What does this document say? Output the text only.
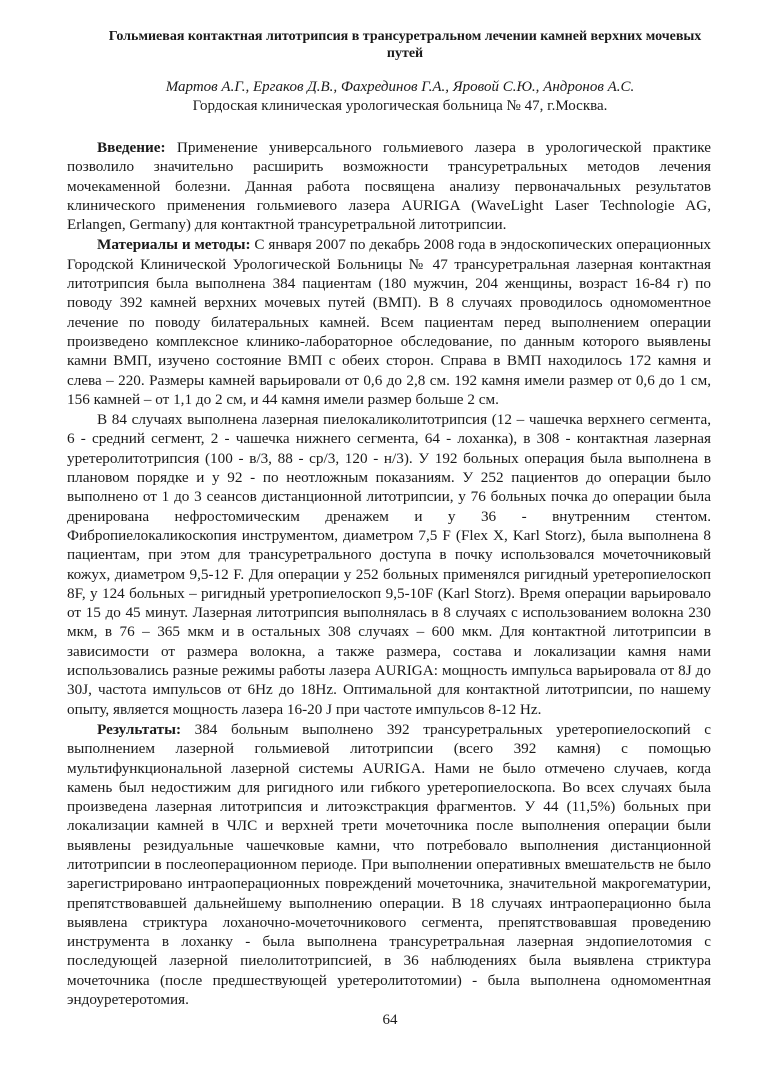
Гольмиевая контактная литотрипсия в трансуретральном лечении камней верхних мочевых путей
Мартов А.Г., Ергаков Д.В., Фахрединов Г.А., Яровой С.Ю., Андронов А.С.
Гордоская клиническая урологическая больница № 47, г.Москва.

Введение: Применение универсального гольмиевого лазера в урологической практике позволило значительно расширить возможности трансуретральных методов лечения мочекаменной болезни. Данная работа посвящена анализу первоначальных результатов клинического применения гольмиевого лазера AURIGA (WaveLight Laser Technologie AG, Erlangen, Germany) для контактной трансуретральной литотрипсии.

Материалы и методы: С января 2007 по декабрь 2008 года в эндоскопических операционных Городской Клинической Урологической Больницы № 47 трансуретральная лазерная контактная литотрипсия была выполнена 384 пациентам (180 мужчин, 204 женщины, возраст 16-84 г) по поводу 392 камней верхних мочевых путей (ВМП). В 8 случаях проводилось одномоментное лечение по поводу билатеральных камней. Всем пациентам перед выполнением операции произведено комплексное клинико-лабораторное обследование, по данным которого выявлены камни ВМП, изучено состояние ВМП с обеих сторон. Справа в ВМП находилось 172 камня и слева – 220. Размеры камней варьировали от 0,6 до 2,8 см. 192 камня имели размер от 0,6 до 1 см, 156 камней – от 1,1 до 2 см, и 44 камня имели размер больше 2 см.

В 84 случаях выполнена лазерная пиелокаликолитотрипсия (12 – чашечка верхнего сегмента, 6 - средний сегмент, 2 - чашечка нижнего сегмента, 64 - лоханка), в 308 - контактная лазерная уретеролитотрипсия (100 - в/3, 88 - ср/3, 120 - н/3). У 192 больных операция была выполнена в плановом порядке и у 92 - по неотложным показаниям. У 252 пациентов до операции было выполнено от 1 до 3 сеансов дистанционной литотрипсии, у 76 больных почка до операции была дренирована нефростомическим дренажем и у 36 - внутренним стентом. Фибропиелокаликоскопия инструментом, диаметром 7,5 F (Flex X, Karl Storz), была выполнена 8 пациентам, при этом для трансуретрального доступа в почку использовался мочеточниковый кожух, диаметром 9,5-12 F. Для операции у 252 больных применялся ригидный уретеропиелоскоп 8F, у 124 больных – ригидный уретропиелоскоп 9,5-10F (Karl Storz). Время операции варьировало от 15 до 45 минут. Лазерная литотрипсия выполнялась в 8 случаях с использованием волокна 230 мкм, в 76 – 365 мкм и в остальных 308 случаях – 600 мкм. Для контактной литотрипсии в зависимости от размера волокна, а также размера, состава и локализации камня нами использовались разные режимы работы лазера AURIGA: мощность импульса варьировала от 8J до 30J, частота импульсов от 6Hz до 18Hz. Оптимальной для контактной литотрипсии, по нашему опыту, является мощность лазера 16-20 J при частоте импульсов 8-12 Hz.

Результаты: 384 больным выполнено 392 трансуретральных уретеропиелоскопий с выполнением лазерной гольмиевой литотрипсии (всего 392 камня) с помощью мультифункциональной лазерной системы AURIGA. Нами не было отмечено случаев, когда камень был недостижим для ригидного или гибкого уретеропиелоскопа. Во всех случаях была произведена лазерная литотрипсия и литоэкстракция фрагментов. У 44 (11,5%) больных при локализации камней в ЧЛС и верхней трети мочеточника после выполнения операции были выявлены резидуальные чашечковые камни, что потребовало выполнения дистанционной литотрипсии в послеоперационном периоде. При выполнении оперативных вмешательств не было зарегистрировано интраоперационных повреждений мочеточника, значительной макрогематурии, препятствовавшей дальнейшему выполнению операции. В 18 случаях интраоперационно была выявлена стриктура лоханочно-мочеточникового сегмента, препятствовавшая проведению инструмента в лоханку - была выполнена трансуретральная лазерная эндопиелотомия с последующей лазерной пиелолитотрипсией, в 36 наблюдениях была выявлена стриктура мочеточника (после предшествующей уретеролитотомии) - была выполнена одномоментная эндоуретеротомия.

64
